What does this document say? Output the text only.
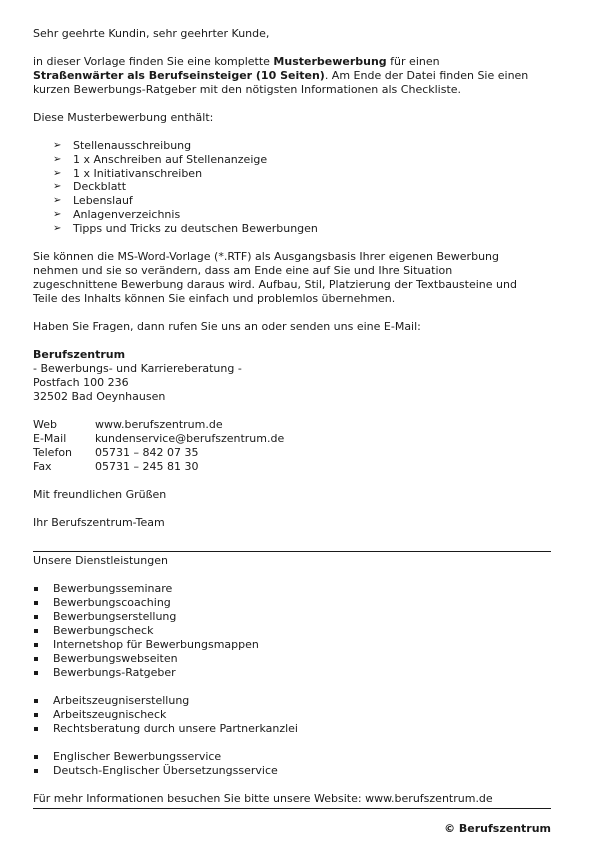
Sehr geehrte Kundin, sehr geehrter Kunde,

in dieser Vorlage finden Sie eine komplette Musterbewerbung für einen

Straßenwärter als Berufseinsteiger (10 Seiten). Am Ende der Datei finden Sie einen

kurzen Bewerbungs-Ratgeber mit den nötigsten Informationen als Checkliste.

Diese Musterbewerbung enthält:

➢ Stellenausschreibung
➢ 1 x Anschreiben auf Stellenanzeige
➢ 1 x Initiativanschreiben
➢ Deckblatt
➢ Lebenslauf
➢ Anlagenverzeichnis
➢ Tipps und Tricks zu deutschen Bewerbungen

Sie können die MS-Word-Vorlage (*.RTF) als Ausgangsbasis Ihrer eigenen Bewerbung

nehmen und sie so verändern, dass am Ende eine auf Sie und Ihre Situation

zugeschnittene Bewerbung daraus wird. Aufbau, Stil, Platzierung der Textbausteine und

Teile des Inhalts können Sie einfach und problemlos übernehmen.

Haben Sie Fragen, dann rufen Sie uns an oder senden uns eine E-Mail:

Berufszentrum

- Bewerbungs- und Karriereberatung -

Postfach 100 236

32502 Bad Oeynhausen

Web	www.berufszentrum.de
E-Mail	kundenservice@berufszentrum.de
Telefon	05731 – 842 07 35
Fax	05731 – 245 81 30

Mit freundlichen Grüßen

Ihr Berufszentrum-Team

Unsere Dienstleistungen

Bewerbungsseminare
Bewerbungscoaching
Bewerbungserstellung
Bewerbungscheck
Internetshop für Bewerbungsmappen
Bewerbungswebseiten
Bewerbungs-Ratgeber
Arbeitszeugniserstellung
Arbeitszeugnischeck
Rechtsberatung durch unsere Partnerkanzlei
Englischer Bewerbungsservice
Deutsch-Englischer Übersetzungsservice

Für mehr Informationen besuchen Sie bitte unsere Website: www.berufszentrum.de

© Berufszentrum
